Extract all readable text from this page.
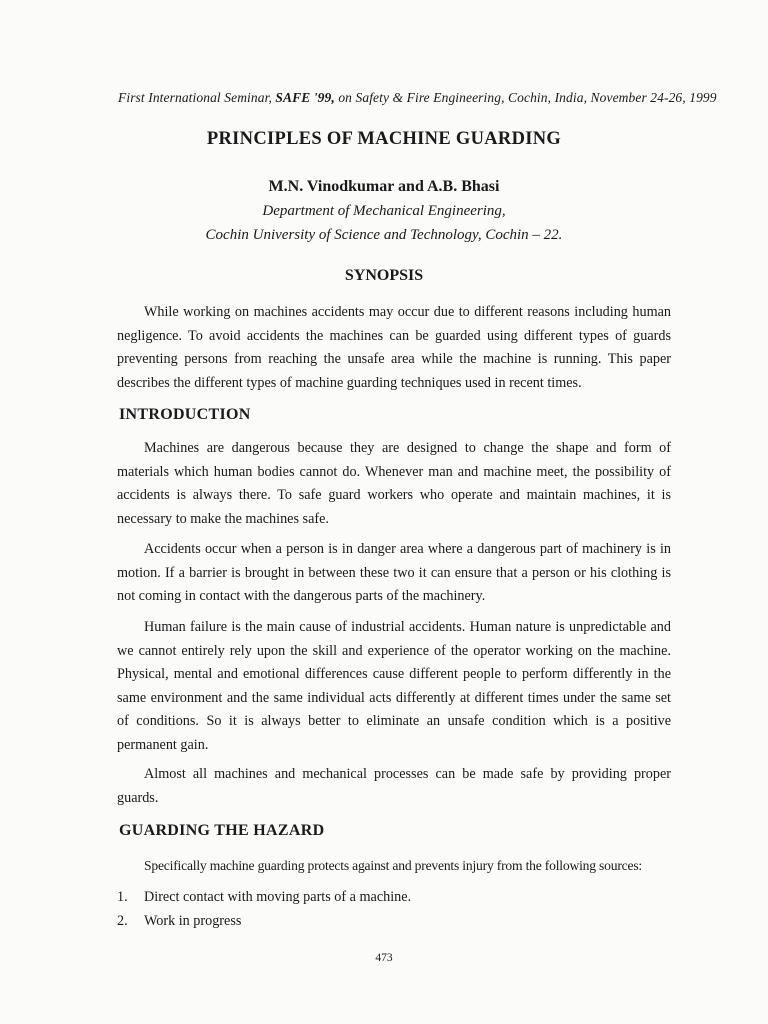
First International Seminar, SAFE '99, on Safety & Fire Engineering, Cochin, India, November 24-26, 1999
PRINCIPLES OF MACHINE GUARDING
M.N. Vinodkumar and A.B. Bhasi
Department of Mechanical Engineering,
Cochin University of Science and Technology, Cochin – 22.
SYNOPSIS
While working on machines accidents may occur due to different reasons including human negligence. To avoid accidents the machines can be guarded using different types of guards preventing persons from reaching the unsafe area while the machine is running. This paper describes the different types of machine guarding techniques used in recent times.
INTRODUCTION
Machines are dangerous because they are designed to change the shape and form of materials which human bodies cannot do. Whenever man and machine meet, the possibility of accidents is always there. To safe guard workers who operate and maintain machines, it is necessary to make the machines safe.
Accidents occur when a person is in danger area where a dangerous part of machinery is in motion. If a barrier is brought in between these two it can ensure that a person or his clothing is not coming in contact with the dangerous parts of the machinery.
Human failure is the main cause of industrial accidents. Human nature is unpredictable and we cannot entirely rely upon the skill and experience of the operator working on the machine. Physical, mental and emotional differences cause different people to perform differently in the same environment and the same individual acts differently at different times under the same set of conditions. So it is always better to eliminate an unsafe condition which is a positive permanent gain.
Almost all machines and mechanical processes can be made safe by providing proper guards.
GUARDING THE HAZARD
Specifically machine guarding protects against and prevents injury from the following sources:
1.	Direct contact with moving parts of a machine.
2.	Work in progress
473
